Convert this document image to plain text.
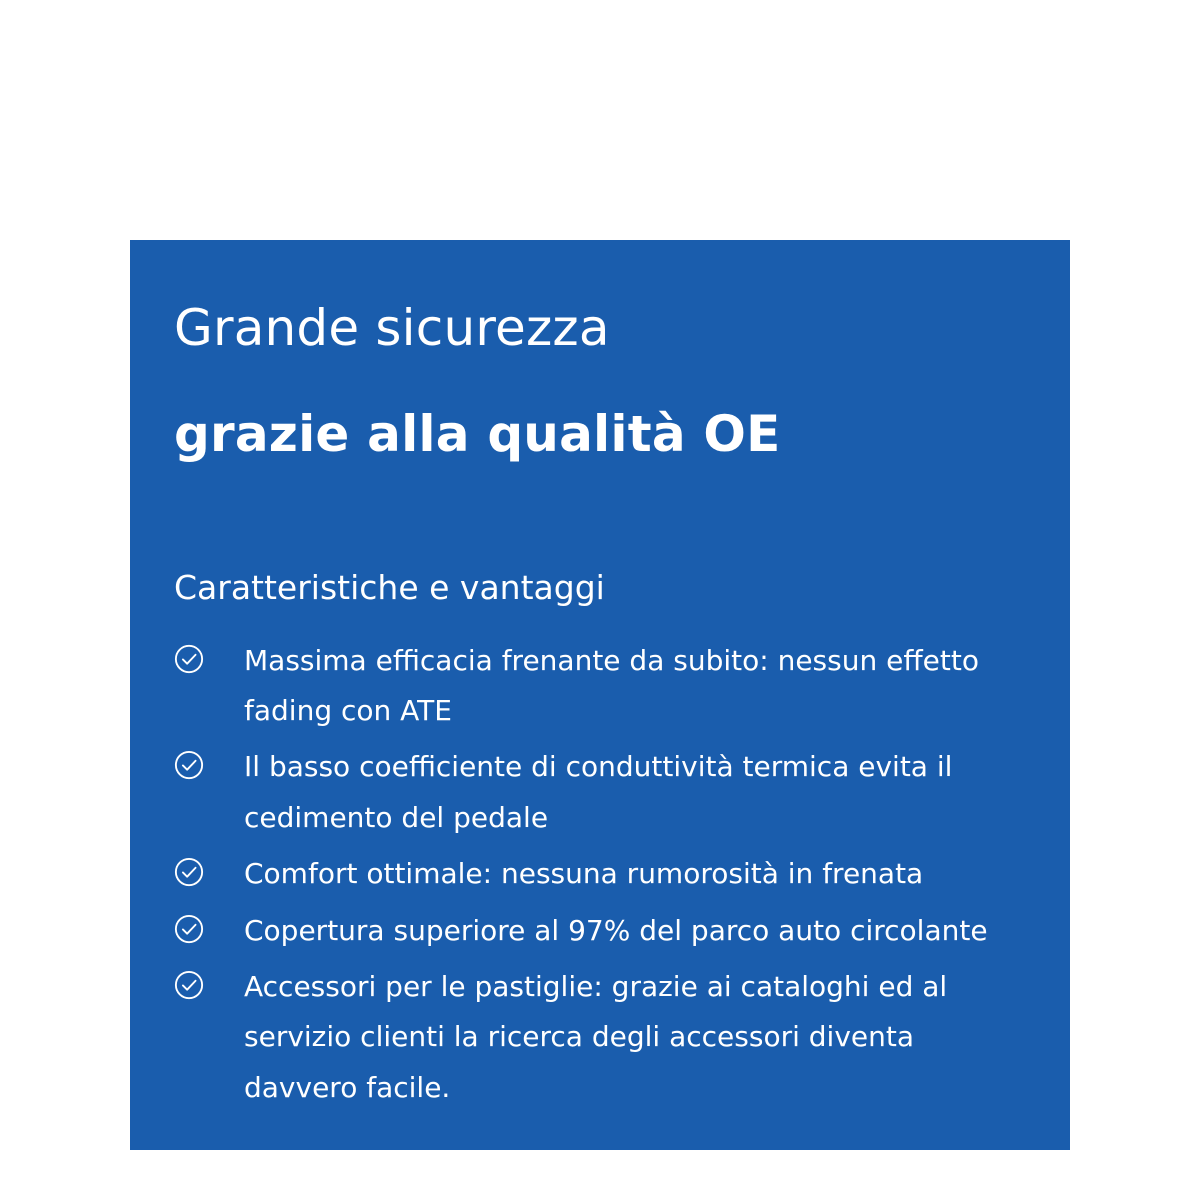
Grande sicurezza
grazie alla qualità OE
Caratteristiche e vantaggi
Massima efficacia frenante da subito: nessun effetto fading con ATE
Il basso coefficiente di conduttività termica evita il cedimento del pedale
Comfort ottimale: nessuna rumorosità in frenata
Copertura superiore al 97% del parco auto circolante
Accessori per le pastiglie: grazie ai cataloghi ed al servizio clienti la ricerca degli accessori diventa davvero facile.
